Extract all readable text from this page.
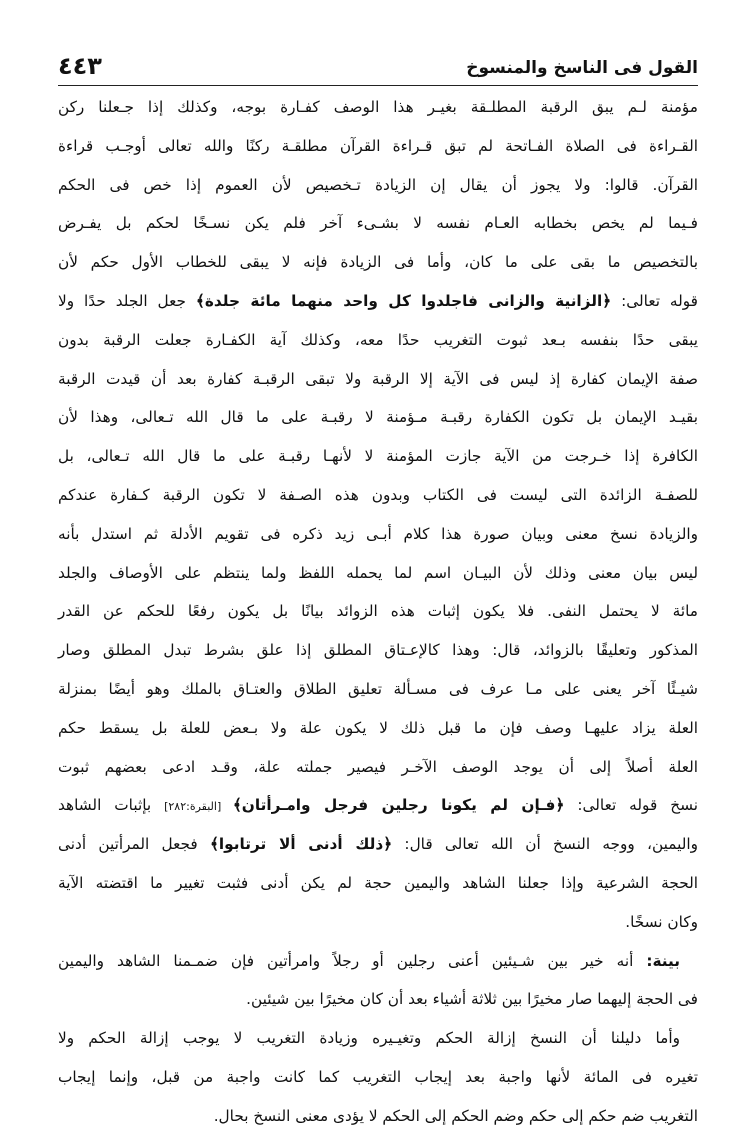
القول فى الناسخ والمنسوخ
٤٤٣
مؤمنة لـم يبق الرقبة المطلـقة بغيـر هذا الوصف كفـارة بوجه، وكذلك إذا جـعلنا ركن
القـراءة فى الصلاة الفـاتحة لم تبق قـراءة القرآن مطلقـة ركنًا والله تعالى أوجـب قراءة
القرآن. قالوا: ولا يجوز أن يقال إن الزيادة تـخصيص لأن العموم إذا خص فى الحكم
فـيما لم يخص بخطابه العـام نفسه لا بشـىء آخر فلم يكن نسـخًا لحكم بل يفـرض
بالتخصيص ما بقى على ما كان، وأما فى الزيادة فإنه لا يبقى للخطاب الأول حكم لأن
قوله تعالى: ﴿الزانية والزانى فاجلدوا كل واحد منهما مائة جلدة﴾ جعل الجلد حدًا ولا
يبقى حدًا بنفسه بـعد ثبوت التغريب حدًا معه، وكذلك آية الكفـارة جعلت الرقبة بدون
صفة الإيمان كفارة إذ ليس فى الآية إلا الرقبة ولا تبقى الرقبـة كفارة بعد أن قيدت الرقبة
بقيـد الإيمان بل تكون الكفارة رقبـة مـؤمنة لا رقبـة على ما قال الله تـعالى، وهذا لأن
الكافرة إذا خـرجت من الآية جازت المؤمنة لا لأنهـا رقبـة على ما قال الله تـعالى، بل
للصفـة الزائدة التى ليست فى الكتاب وبدون هذه الصـفة لا تكون الرقبة كـفارة عندكم
والزيادة نسخ معنى وبيان صورة هذا كلام أبـى زيد ذكره فى تقويم الأدلة ثم استدل بأنه
ليس بيان معنى وذلك لأن البيـان اسم لما يحمله اللفظ ولما ينتظم على الأوصاف والجلد
مائة لا يحتمل النفى. فلا يكون إثبات هذه الزوائد بيانًا بل يكون رفعًا للحكم عن القدر
المذكور وتعليقًا بالزوائد، قال: وهذا كالإعـتاق المطلق إذا علق بشرط تبدل المطلق وصار
شيـئًا آخر يعنى على مـا عرف فى مسـألة تعليق الطلاق والعتـاق بالملك وهو أيضًا بمنزلة
العلة يزاد عليهـا وصف فإن ما قبل ذلك لا يكون علة ولا بـعض للعلة بل يسقط حكم
العلة أصلاً إلى أن يوجد الوصف الآخـر فيصير جملته علة، وقـد ادعى بعضهم ثبوت
نسخ قوله تعالى: ﴿فـإن لم يكونا رجلين فرجل وامـرأتان﴾ [البقرة:٢٨٢] بإثبات الشاهد
واليمين، ووجه النسخ أن الله تعالى قال: ﴿ذلك أدنى ألا ترتابوا﴾ فجعل المرأتين أدنى
الحجة الشرعية وإذا جعلنا الشاهد واليمين حجة لم يكن أدنى فثبت تغيير ما اقتضته الآية
وكان نسخًا.
بينة: أنه خير بين شـيئين أعنى رجلين أو رجلاً وامرأتين فإن ضمـمنا الشاهد واليمين
فى الحجة إليهما صار مخيرًا بين ثلاثة أشياء بعد أن كان مخيرًا بين شيئين.
وأما دليلنا أن النسخ إزالة الحكم وتغيـيره وزيادة التغريب لا يوجب إزالة الحكم ولا
تغيره فى المائة لأنها واجبة بعد إيجاب التغريب كما كانت واجبة من قبل، وإنما إيجاب
التغريب ضم حكم إلى حكم وضم الحكم إلى الحكم لا يؤدى معنى النسخ بحال.
